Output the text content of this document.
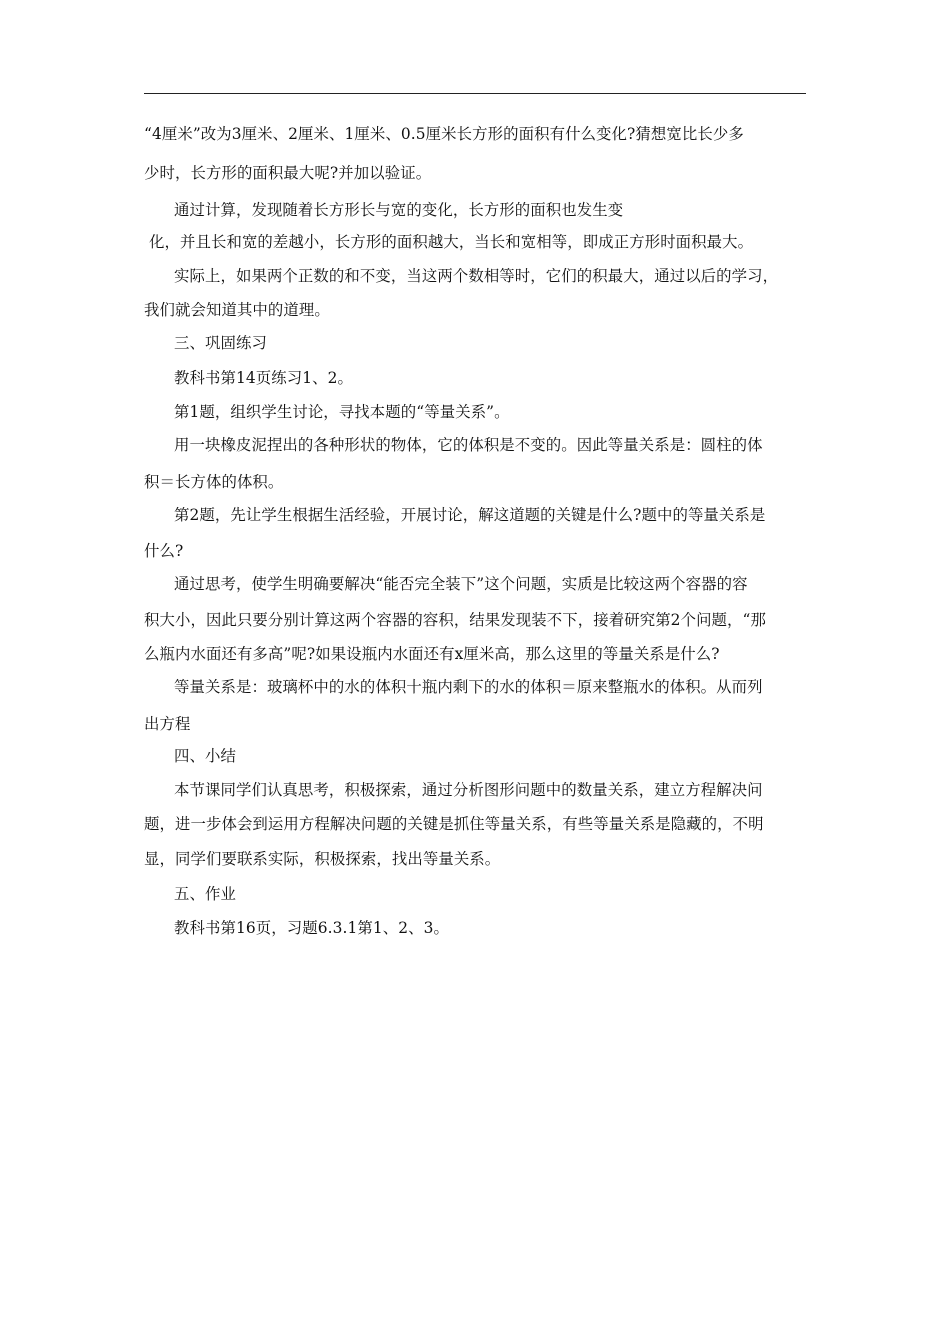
“4厘米”改为3厘米、2厘米、1厘米、0.5厘米长方形的面积有什么变化?猜想宽比长少多
少时，长方形的面积最大呢?并加以验证。
通过计算，发现随着长方形长与宽的变化，长方形的面积也发生变
化，并且长和宽的差越小，长方形的面积越大，当长和宽相等，即成正方形时面积最大。
实际上，如果两个正数的和不变，当这两个数相等时，它们的积最大，通过以后的学习，
我们就会知道其中的道理。
三、巩固练习
教科书第14页练习1、2。
第1题，组织学生讨论，寻找本题的“等量关系”。
用一块橡皮泥捏出的各种形状的物体，它的体积是不变的。因此等量关系是：圆柱的体
积＝长方体的体积。
第2题，先让学生根据生活经验，开展讨论，解这道题的关键是什么?题中的等量关系是
什么?
通过思考，使学生明确要解决“能否完全装下”这个问题，实质是比较这两个容器的容
积大小，因此只要分别计算这两个容器的容积，结果发现装不下，接着研究第2个问题，“那
么瓶内水面还有多高”呢?如果设瓶内水面还有x厘米高，那么这里的等量关系是什么?
等量关系是：玻璃杯中的水的体积十瓶内剩下的水的体积＝原来整瓶水的体积。从而列
出方程
四、小结
本节课同学们认真思考，积极探索，通过分析图形问题中的数量关系，建立方程解决问
题，进一步体会到运用方程解决问题的关键是抓住等量关系，有些等量关系是隐藏的，不明
显，同学们要联系实际，积极探索，找出等量关系。
五、作业
教科书第16页，习题6.3.1第1、2、3。
